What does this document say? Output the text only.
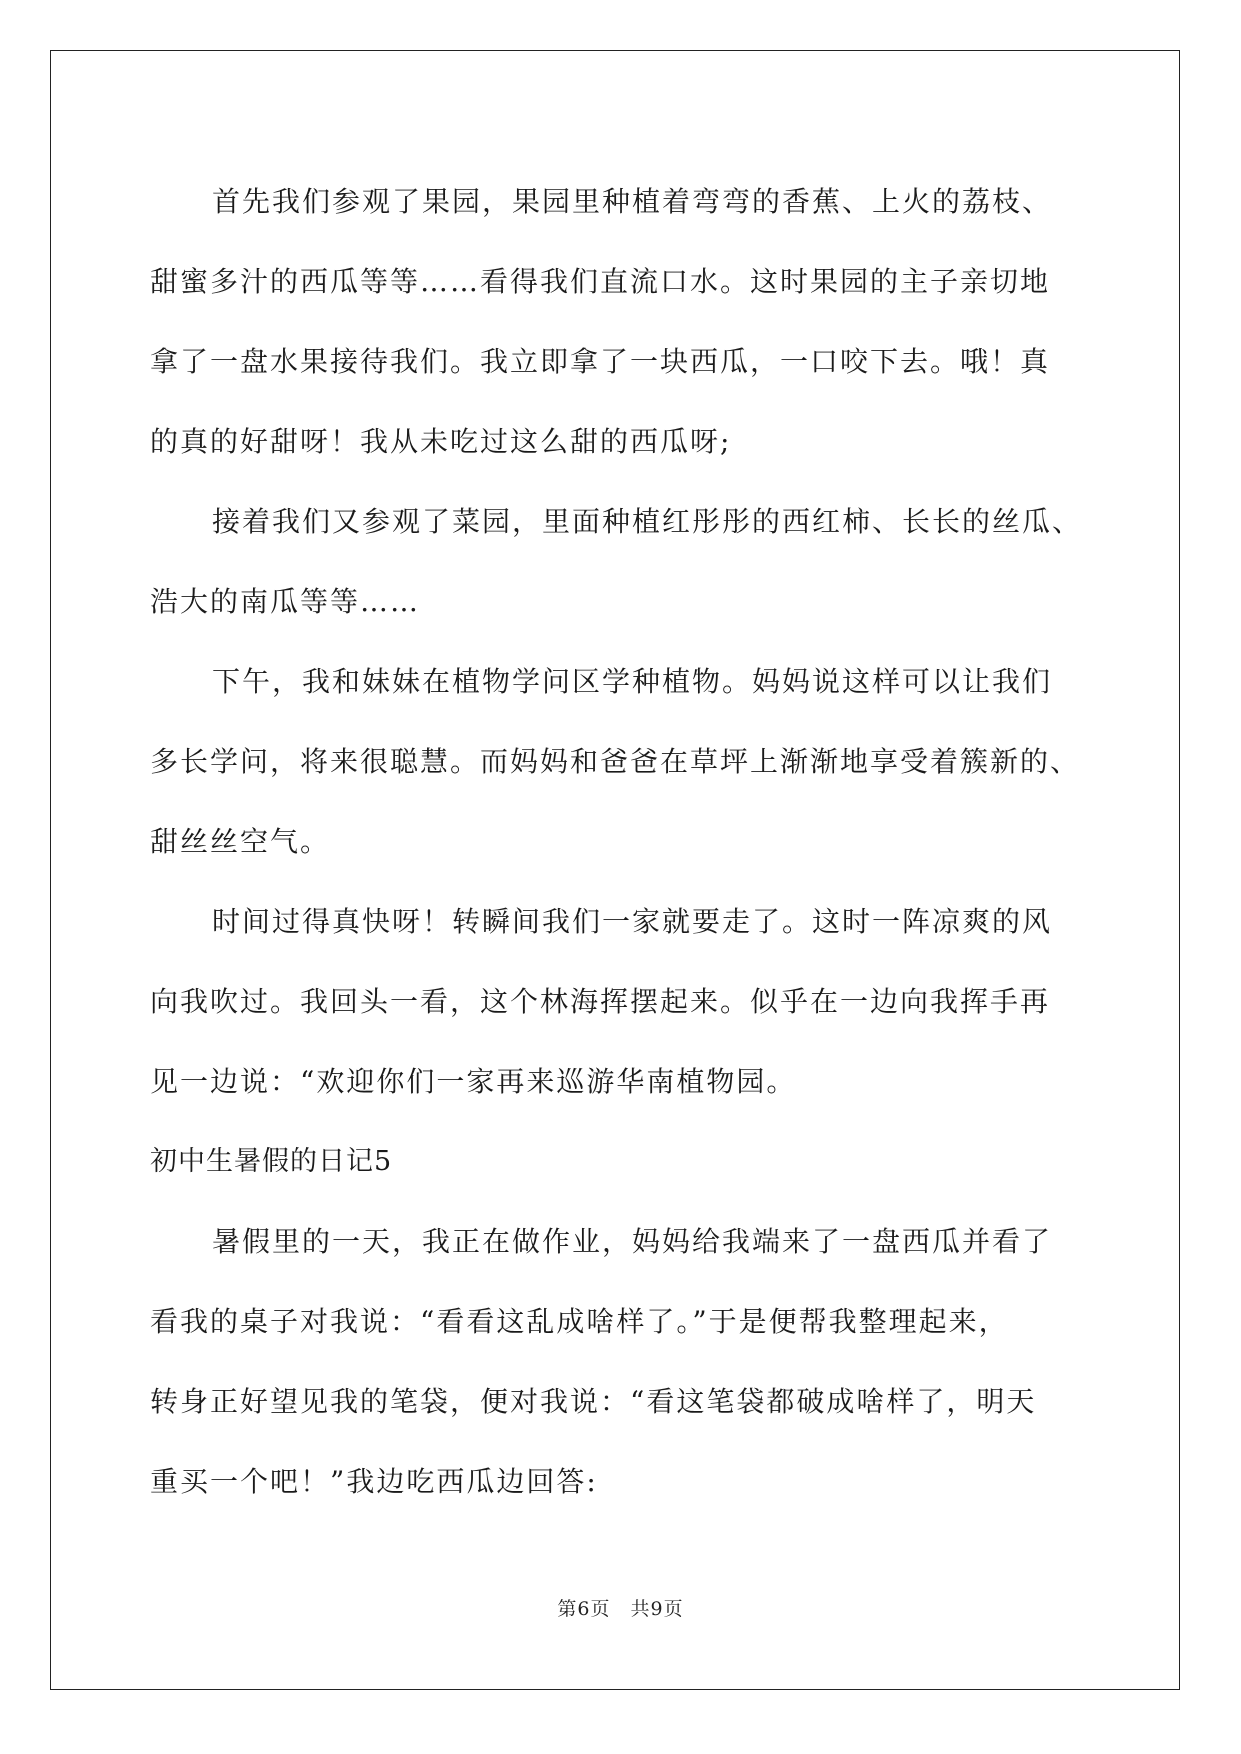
首先我们参观了果园，果园里种植着弯弯的香蕉、上火的荔枝、
甜蜜多汁的西瓜等等……看得我们直流口水。这时果园的主子亲切地
拿了一盘水果接待我们。我立即拿了一块西瓜，一口咬下去。哦！真
的真的好甜呀！我从未吃过这么甜的西瓜呀;
接着我们又参观了菜园，里面种植红彤彤的西红柿、长长的丝瓜、
浩大的南瓜等等……
下午，我和妹妹在植物学问区学种植物。妈妈说这样可以让我们
多长学问，将来很聪慧。而妈妈和爸爸在草坪上渐渐地享受着簇新的、
甜丝丝空气。
时间过得真快呀！转瞬间我们一家就要走了。这时一阵凉爽的风
向我吹过。我回头一看，这个林海挥摆起来。似乎在一边向我挥手再
见一边说：“欢迎你们一家再来巡游华南植物园。
初中生暑假的日记5
暑假里的一天，我正在做作业，妈妈给我端来了一盘西瓜并看了
看我的桌子对我说：“看看这乱成啥样了。”于是便帮我整理起来，
转身正好望见我的笔袋，便对我说：“看这笔袋都破成啥样了，明天
重买一个吧！”我边吃西瓜边回答:
第6页 共9页
